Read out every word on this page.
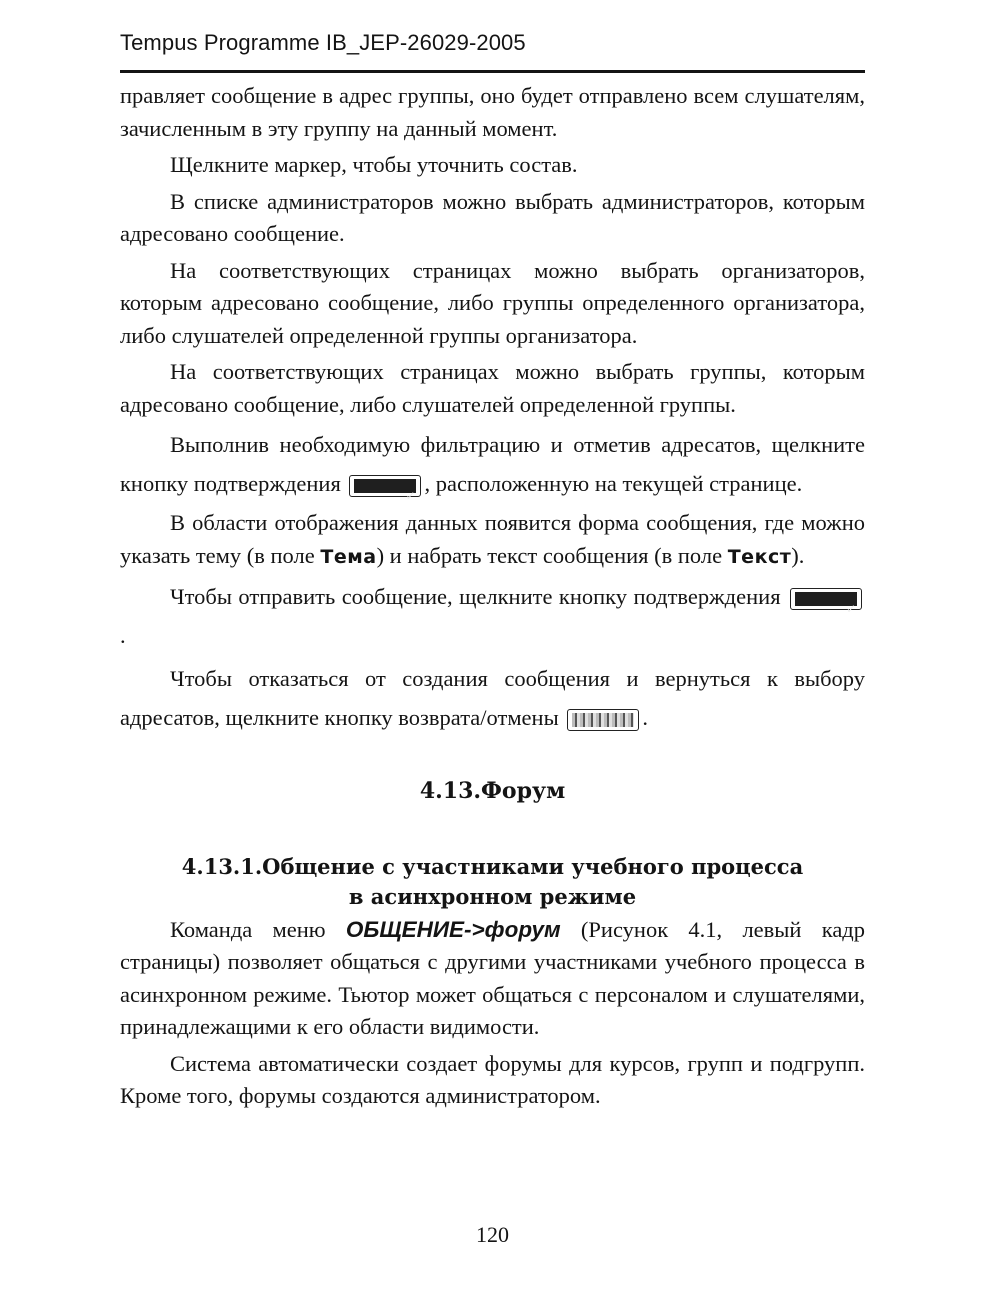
Tempus Programme IB_JEP-26029-2005

правляет сообщение в адрес группы, оно будет отправлено всем слушателям, зачисленным в эту группу на данный момент.

Щелкните маркер, чтобы уточнить состав.

В списке администраторов можно выбрать администраторов, которым адресовано сообщение.

На соответствующих страницах можно выбрать организаторов, которым адресовано сообщение, либо группы определенного организатора, либо слушателей определенной группы организатора.

На соответствующих страницах можно выбрать группы, которым адресовано сообщение, либо слушателей определенной группы.

Выполнив необходимую фильтрацию и отметив адресатов, щелкните кнопку подтверждения	✓ , расположенную на текущей странице.

В области отображения данных появится форма сообщения, где можно указать тему (в поле Тема) и набрать текст сообщения (в поле Текст).

Чтобы отправить сообщение, щелкните кнопку подтверждения	✓
.

Чтобы отказаться от создания сообщения и вернуться к выбору адресатов, щелкните кнопку возврата/отмены	.

4.13.Форум
4.13.1.Общение с участниками учебного процесса
в асинхронном режиме

Команда меню ОБЩЕНИЕ->форум (Рисунок 4.1, левый кадр страницы) позволяет общаться с другими участниками учебного процесса в асинхронном режиме. Тьютор может общаться с персоналом и слушателями, принадлежащими к его области видимости.

Система автоматически создает форумы для курсов, групп и подгрупп. Кроме того, форумы создаются администратором.

120
